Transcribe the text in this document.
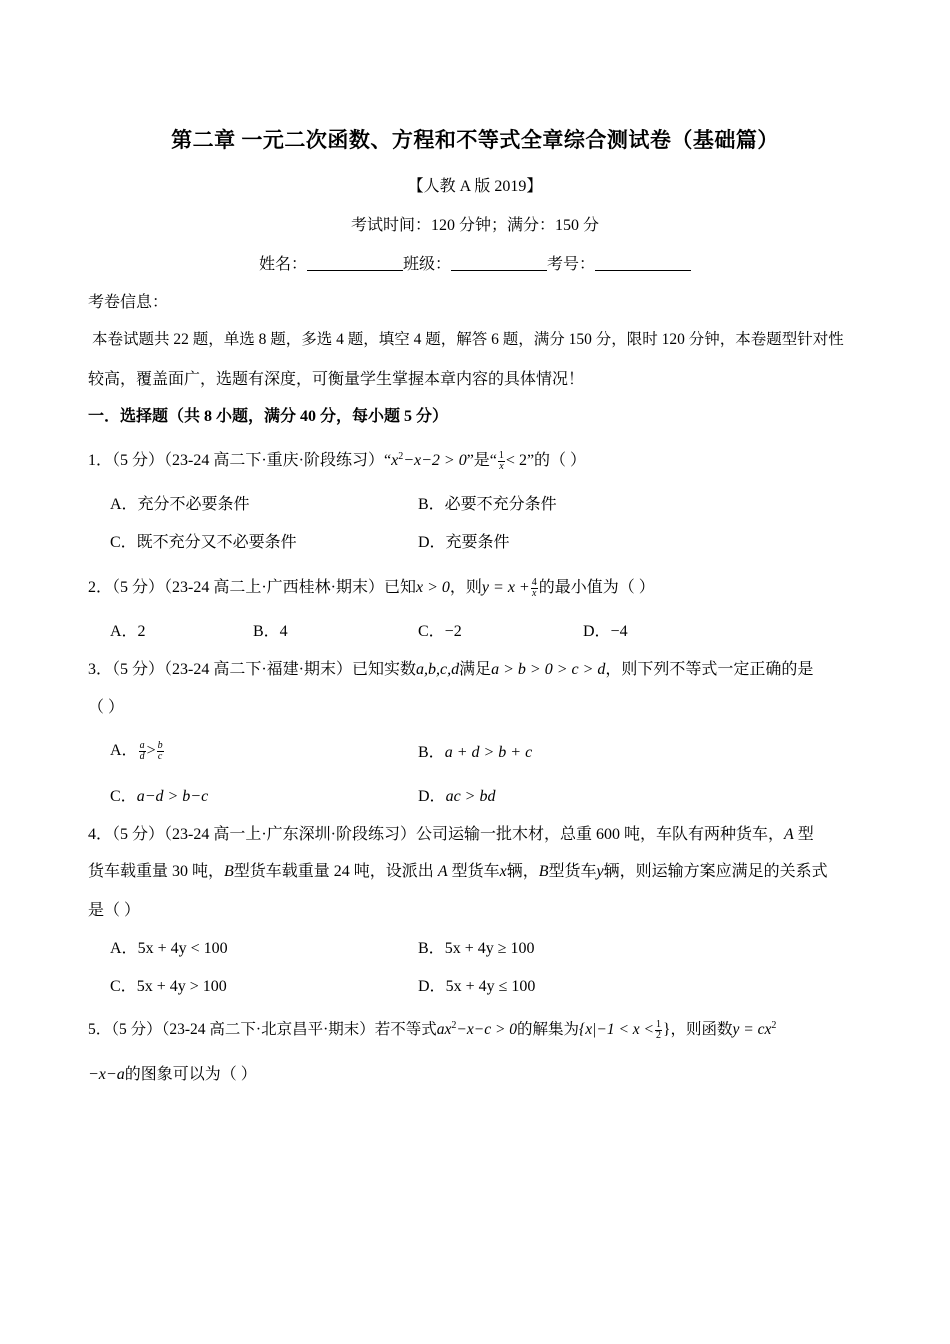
第二章 一元二次函数、方程和不等式全章综合测试卷（基础篇）
【人教 A 版 2019】
考试时间：120 分钟；满分：150 分
姓名：	班级：	考号：
考卷信息：
本卷试题共 22 题，单选 8 题，多选 4 题，填空 4 题，解答 6 题，满分 150 分，限时 120 分钟，本卷题型针对性
较高，覆盖面广，选题有深度，可衡量学生掌握本章内容的具体情况！
一．选择题（共 8 小题，满分 40 分，每小题 5 分）
1．（5 分）（23-24 高二下·重庆·阶段练习）“$x^2-x-2 > 0$”是“ $\frac{1}{x} < 2$”的（ ）
A．充分不必要条件	B．必要不充分条件
C．既不充分又不必要条件	D．充要条件
2．（5 分）（23-24 高二上·广西桂林·期末）已知x > 0，则$y = x + \frac{4}{x}$ 的最小值为（ ）
A．2	B．4	C．−2	D．−4
3．（5 分）（23-24 高二下·福建·期末）已知实数a,b,c,d满足a > b > 0 > c > d，则下列不等式一定正确的是
（ ）
A． $\frac{a}{d} > \frac{b}{c}$	B．a + d > b + c
C．a−d > b−c	D．ac > bd
4．（5 分）（23-24 高一上·广东深圳·阶段练习）公司运输一批木材，总重 600 吨，车队有两种货车，A 型
货车载重量 30 吨，B型货车载重量 24 吨，设派出 A 型货车x辆，B型货车y辆，则运输方案应满足的关系式
是（ ）
A．5x + 4y < 100	B．5x + 4y ≥ 100
C．5x + 4y > 100	D．5x + 4y ≤ 100
5．（5 分）（23-24 高二下·北京昌平·期末）若不等式$ax^2-x-c > 0$的解集为{$x|-1 < x < \frac{1}{2}$ }，则函数$y = cx^2$
−x−a的图象可以为（ ）
